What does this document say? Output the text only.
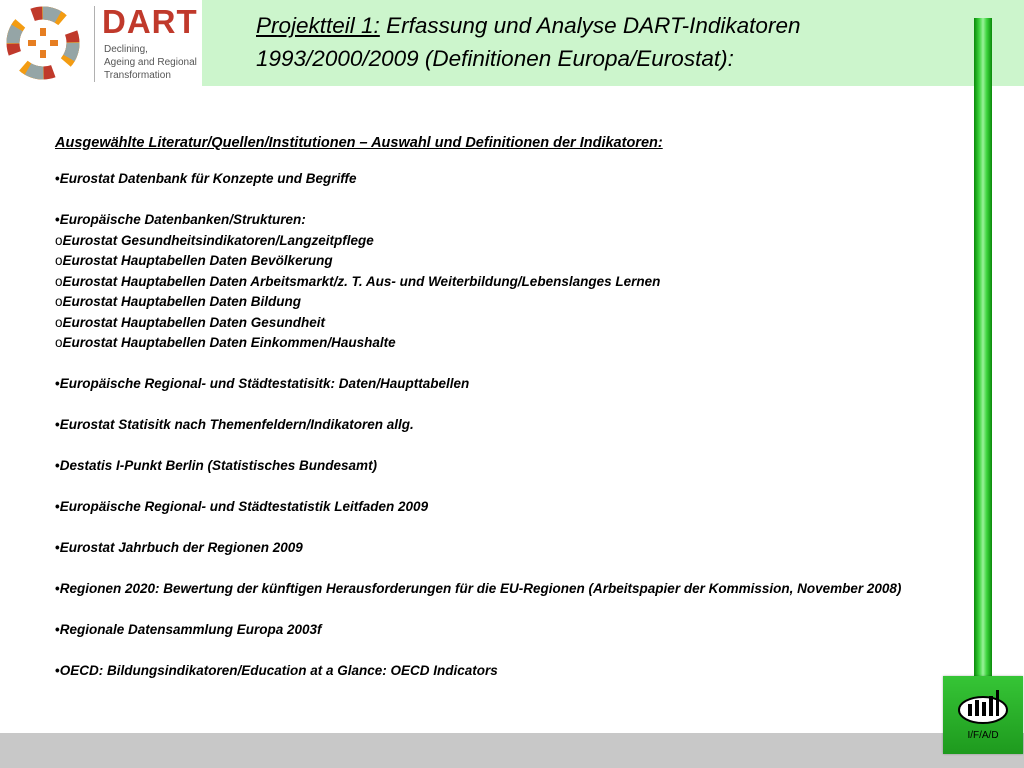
DART
Declining,
Ageing and Regional
Transformation
Projektteil 1: Erfassung und Analyse DART-Indikatoren 1993/2000/2009 (Definitionen Europa/Eurostat):
Ausgewählte Literatur/Quellen/Institutionen – Auswahl und Definitionen der Indikatoren:
•Eurostat Datenbank für Konzepte und Begriffe
•Europäische Datenbanken/Strukturen:
oEurostat Gesundheitsindikatoren/Langzeitpflege
oEurostat Hauptabellen Daten Bevölkerung
oEurostat Hauptabellen Daten Arbeitsmarkt/z. T. Aus- und Weiterbildung/Lebenslanges Lernen
oEurostat Hauptabellen Daten Bildung
oEurostat Hauptabellen Daten Gesundheit
oEurostat Hauptabellen Daten Einkommen/Haushalte
•Europäische Regional- und Städtestatisitk: Daten/Haupttabellen
•Eurostat Statisitk nach Themenfeldern/Indikatoren allg.
•Destatis I-Punkt Berlin (Statistisches Bundesamt)
•Europäische Regional- und Städtestatistik Leitfaden 2009
•Eurostat Jahrbuch der Regionen 2009
•Regionen 2020: Bewertung der künftigen Herausforderungen für die EU-Regionen (Arbeitspapier der Kommission, November 2008)
•Regionale Datensammlung Europa 2003f
•OECD: Bildungsindikatoren/Education at a Glance: OECD Indicators
I/F/A/D
